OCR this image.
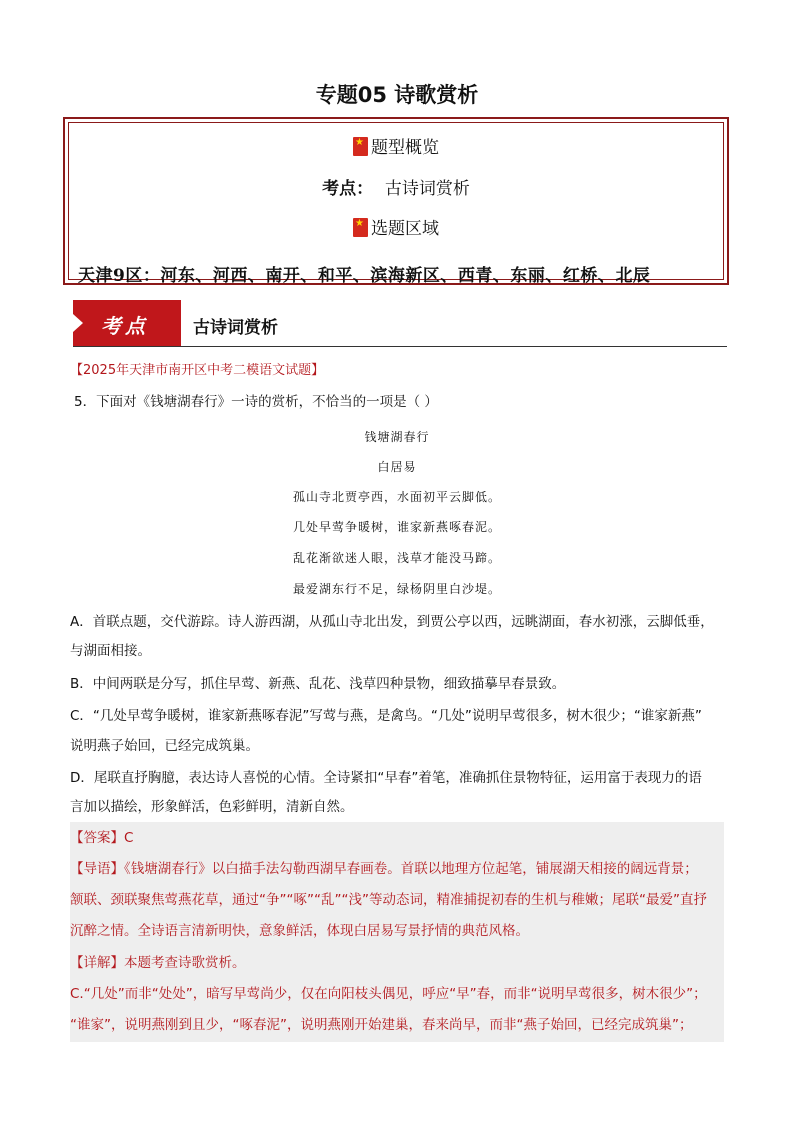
专题05 诗歌赏析
★题型概览
考点： 古诗词赏析
★选题区域
天津9区：河东、河西、南开、和平、滨海新区、西青、东丽、红桥、北辰
考点	古诗词赏析
【2025年天津市南开区中考二模语文试题】
5．下面对《钱塘湖春行》一诗的赏析，不恰当的一项是（ ）
钱塘湖春行
白居易
孤山寺北贾亭西，水面初平云脚低。
几处早莺争暖树，谁家新燕啄春泥。
乱花渐欲迷人眼，浅草才能没马蹄。
最爱湖东行不足，绿杨阴里白沙堤。
A．首联点题，交代游踪。诗人游西湖，从孤山寺北出发，到贾公亭以西，远眺湖面，春水初涨，云脚低垂，
与湖面相接。
B．中间两联是分写，抓住早莺、新燕、乱花、浅草四种景物，细致描摹早春景致。
C．“几处早莺争暖树，谁家新燕啄春泥”写莺与燕，是禽鸟。“几处”说明早莺很多，树木很少；“谁家新燕”
说明燕子始回，已经完成筑巢。
D．尾联直抒胸臆，表达诗人喜悦的心情。全诗紧扣“早春”着笔，准确抓住景物特征，运用富于表现力的语
言加以描绘，形象鲜活，色彩鲜明，清新自然。
【答案】C
【导语】《钱塘湖春行》以白描手法勾勒西湖早春画卷。首联以地理方位起笔，铺展湖天相接的阔远背景；
颔联、颈联聚焦莺燕花草，通过“争”“啄”“乱”“浅”等动态词，精准捕捉初春的生机与稚嫩；尾联“最爱”直抒
沉醉之情。全诗语言清新明快，意象鲜活，体现白居易写景抒情的典范风格。
【详解】本题考查诗歌赏析。
C.“几处”而非“处处”，暗写早莺尚少，仅在向阳枝头偶见，呼应“早”春，而非“说明早莺很多，树木很少”；
“谁家”，说明燕刚到且少，“啄春泥”，说明燕刚开始建巢，春来尚早，而非“燕子始回，已经完成筑巢”；
